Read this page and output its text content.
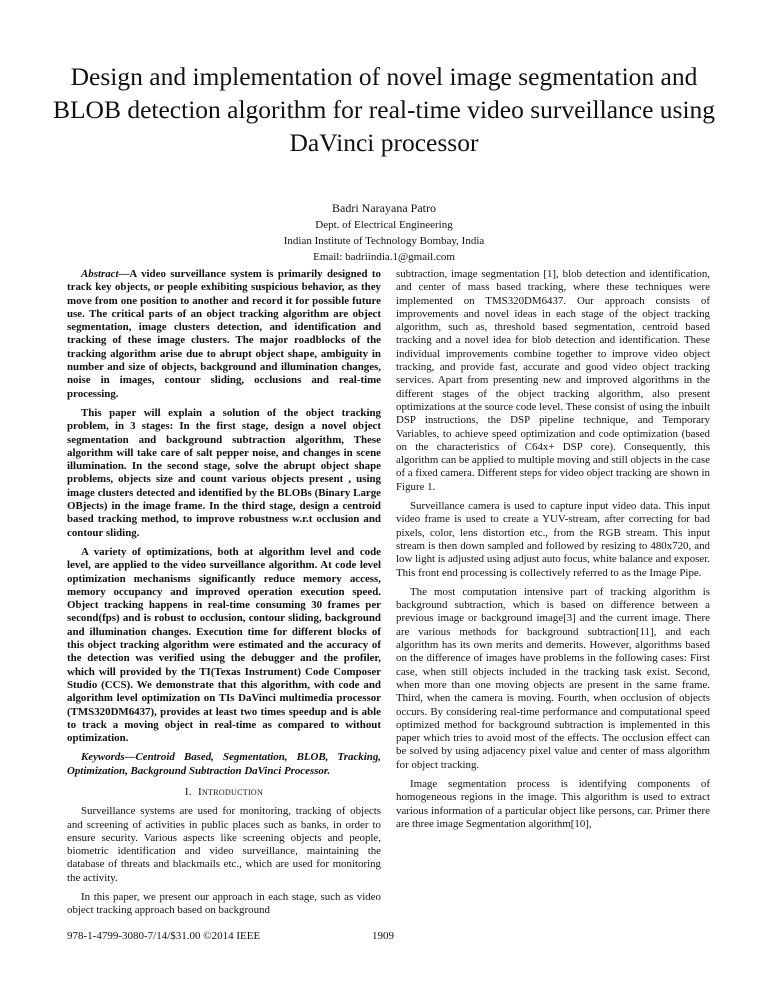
Design and implementation of novel image segmentation and BLOB detection algorithm for real-time video surveillance using DaVinci processor
Badri Narayana Patro
Dept. of Electrical Engineering
Indian Institute of Technology Bombay, India
Email: badriindia.1@gmail.com

Abstract—A video surveillance system is primarily designed to track key objects, or people exhibiting suspicious behavior, as they move from one position to another and record it for possible future use. The critical parts of an object tracking algorithm are object segmentation, image clusters detection, and identification and tracking of these image clusters. The major roadblocks of the tracking algorithm arise due to abrupt object shape, ambiguity in number and size of objects, background and illumination changes, noise in images, contour sliding, occlusions and real-time processing.

This paper will explain a solution of the object tracking problem, in 3 stages: In the first stage, design a novel object segmentation and background subtraction algorithm, These algorithm will take care of salt pepper noise, and changes in scene illumination. In the second stage, solve the abrupt object shape problems, objects size and count various objects present , using image clusters detected and identified by the BLOBs (Binary Large OBjects) in the image frame. In the third stage, design a centroid based tracking method, to improve robustness w.r.t occlusion and contour sliding.

A variety of optimizations, both at algorithm level and code level, are applied to the video surveillance algorithm. At code level optimization mechanisms significantly reduce memory access, memory occupancy and improved operation execution speed. Object tracking happens in real-time consuming 30 frames per second(fps) and is robust to occlusion, contour sliding, background and illumination changes. Execution time for different blocks of this object tracking algorithm were estimated and the accuracy of the detection was verified using the debugger and the profiler, which will provided by the TI(Texas Instrument) Code Composer Studio (CCS). We demonstrate that this algorithm, with code and algorithm level optimization on TIs DaVinci multimedia processor (TMS320DM6437), provides at least two times speedup and is able to track a moving object in real-time as compared to without optimization.

Keywords—Centroid Based, Segmentation, BLOB, Tracking, Optimization, Background Subtraction DaVinci Processor.

I. Introduction

Surveillance systems are used for monitoring, tracking of objects and screening of activities in public places such as banks, in order to ensure security. Various aspects like screening objects and people, biometric identification and video surveillance, maintaining the database of threats and blackmails etc., which are used for monitoring the activity.

In this paper, we present our approach in each stage, such as video object tracking approach based on background

subtraction, image segmentation [1], blob detection and identification, and center of mass based tracking, where these techniques were implemented on TMS320DM6437. Our approach consists of improvements and novel ideas in each stage of the object tracking algorithm, such as, threshold based segmentation, centroid based tracking and a novel idea for blob detection and identification. These individual improvements combine together to improve video object tracking, and provide fast, accurate and good video object tracking services. Apart from presenting new and improved algorithms in the different stages of the object tracking algorithm, also present optimizations at the source code level. These consist of using the inbuilt DSP instructions, the DSP pipeline technique, and Temporary Variables, to achieve speed optimization and code optimization (based on the characteristics of C64x+ DSP core). Consequently, this algorithm can be applied to multiple moving and still objects in the case of a fixed camera. Different steps for video object tracking are shown in Figure 1.

Surveillance camera is used to capture input video data. This input video frame is used to create a YUV-stream, after correcting for bad pixels, color, lens distortion etc., from the RGB stream. This input stream is then down sampled and followed by resizing to 480x720, and low light is adjusted using adjust auto focus, white balance and exposer. This front end processing is collectively referred to as the Image Pipe.

The most computation intensive part of tracking algorithm is background subtraction, which is based on difference between a previous image or background image[3] and the current image. There are various methods for background subtraction[11], and each algorithm has its own merits and demerits. However, algorithms based on the difference of images have problems in the following cases: First case, when still objects included in the tracking task exist. Second, when more than one moving objects are present in the same frame. Third, when the camera is moving. Fourth, when occlusion of objects occurs. By considering real-time performance and computational speed optimized method for background subtraction is implemented in this paper which tries to avoid most of the effects. The occlusion effect can be solved by using adjacency pixel value and center of mass algorithm for object tracking.

Image segmentation process is identifying components of homogeneous regions in the image. This algorithm is used to extract various information of a particular object like persons, car. Primer there are three image Segmentation algorithm[10],

978-1-4799-3080-7/14/$31.00 ©2014 IEEE	1909
